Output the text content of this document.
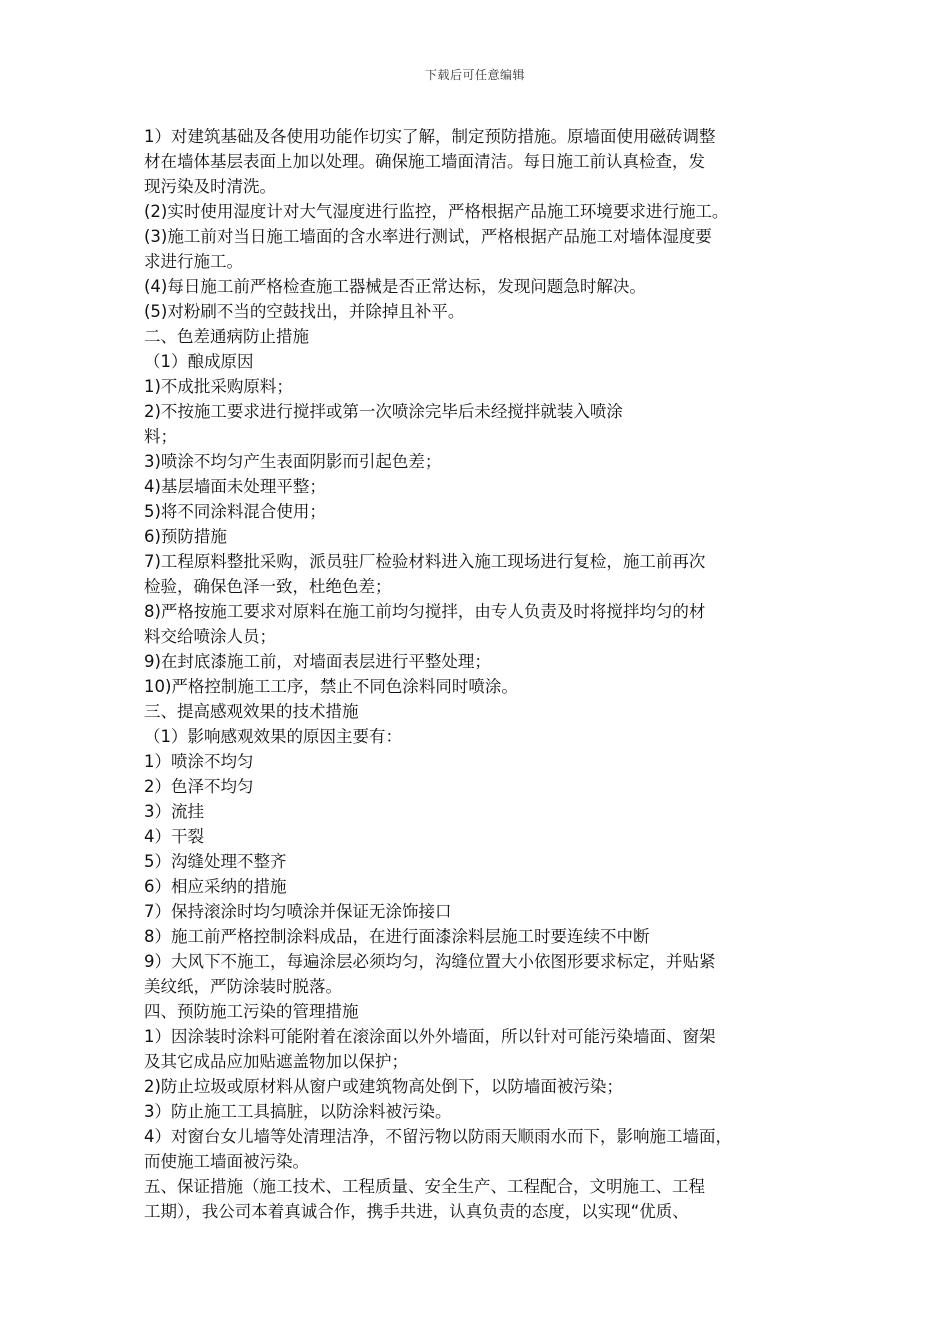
下载后可任意编辑

1）对建筑基础及各使用功能作切实了解，制定预防措施。原墙面使用磁砖调整

材在墙体基层表面上加以处理。确保施工墙面清洁。每日施工前认真检查，发

现污染及时清洗。

(2)实时使用湿度计对大气湿度进行监控，严格根据产品施工环境要求进行施工。

(3)施工前对当日施工墙面的含水率进行测试，严格根据产品施工对墙体湿度要

求进行施工。

(4)每日施工前严格检查施工器械是否正常达标，发现问题急时解决。

(5)对粉刷不当的空鼓找出，并除掉且补平。

二、色差通病防止措施

（1）酿成原因

1)不成批采购原料；

2)不按施工要求进行搅拌或第一次喷涂完毕后未经搅拌就装入喷涂

料；

3)喷涂不均匀产生表面阴影而引起色差；

4)基层墙面未处理平整；

5)将不同涂料混合使用；

6)预防措施

7)工程原料整批采购，派员驻厂检验材料进入施工现场进行复检，施工前再次

检验，确保色泽一致，杜绝色差；

8)严格按施工要求对原料在施工前均匀搅拌，由专人负责及时将搅拌均匀的材

料交给喷涂人员；

9)在封底漆施工前，对墙面表层进行平整处理；

10)严格控制施工工序，禁止不同色涂料同时喷涂。

三、提高感观效果的技术措施

（1）影响感观效果的原因主要有：

1）喷涂不均匀

2）色泽不均匀

3）流挂

4）干裂

5）沟缝处理不整齐

6）相应采纳的措施

7）保持滚涂时均匀喷涂并保证无涂饰接口

8）施工前严格控制涂料成品，在进行面漆涂料层施工时要连续不中断

9）大风下不施工，每遍涂层必须均匀，沟缝位置大小依图形要求标定，并贴紧

美纹纸，严防涂装时脱落。

四、预防施工污染的管理措施

1）因涂装时涂料可能附着在滚涂面以外外墙面，所以针对可能污染墙面、窗架

及其它成品应加贴遮盖物加以保护；

2)防止垃圾或原材料从窗户或建筑物高处倒下，以防墙面被污染；

3）防止施工工具搞脏，以防涂料被污染。

4）对窗台女儿墙等处清理洁净，不留污物以防雨天顺雨水而下，影响施工墙面，

而使施工墙面被污染。

五、保证措施（施工技术、工程质量、安全生产、工程配合，文明施工、工程

工期），我公司本着真诚合作，携手共进，认真负责的态度，以实现“优质、
